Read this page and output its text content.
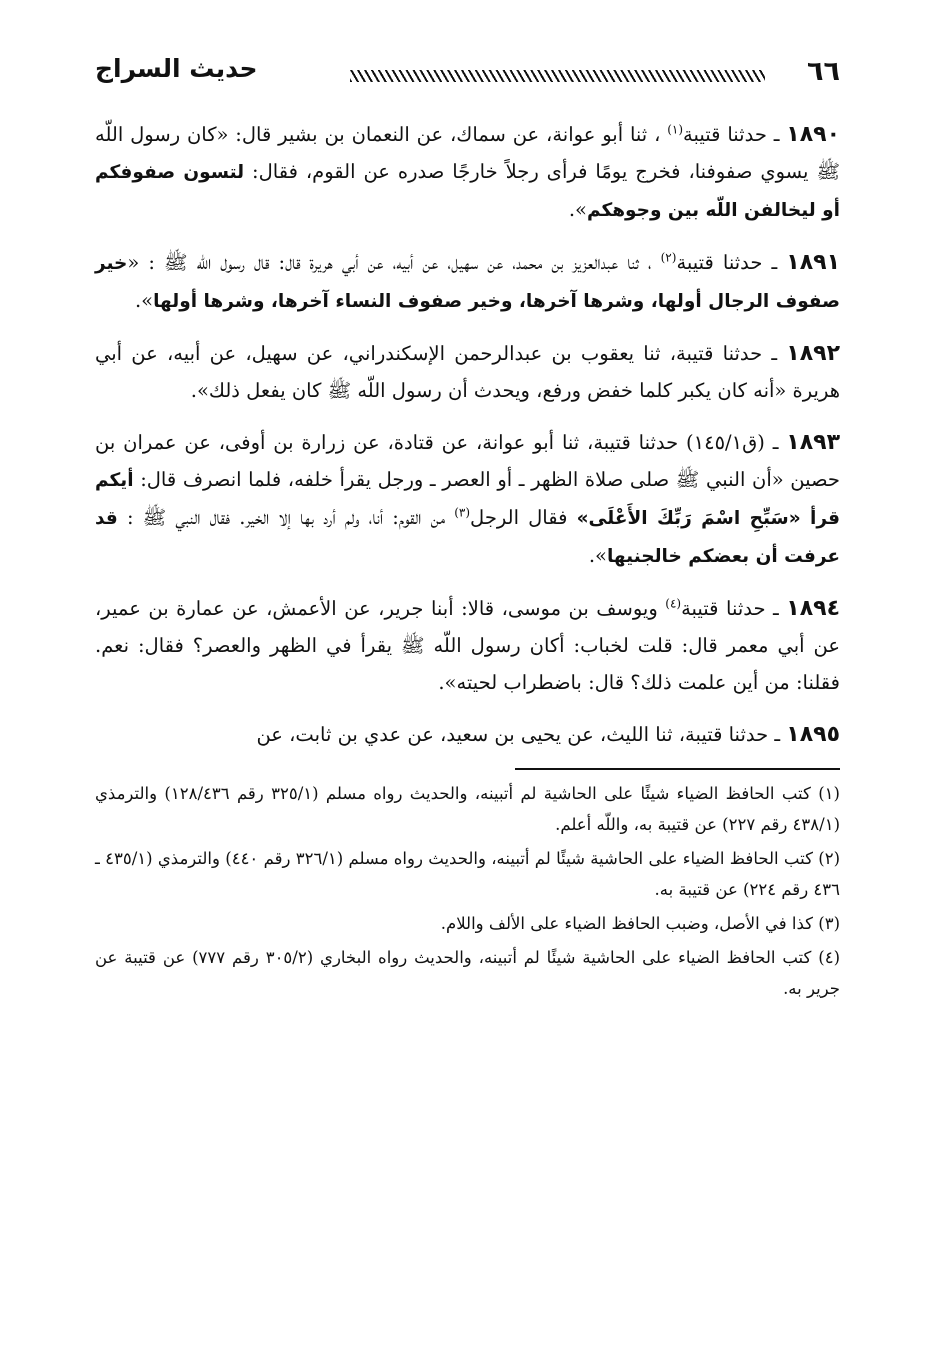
٦٦
حديث السراج

١٨٩٠ ـ حدثنا قتيبة$^{(١)}$ ، ثنا أبو عوانة، عن سماك، عن النعمان بن بشير قال: «كان رسول اللّه ﷺ يسوي صفوفنا، فخرج يومًا فرأى رجلاً خارجًا صدره عن القوم، فقال: لتسون صفوفكم أو ليخالفن اللّه بين وجوهكم».

١٨٩١ ـ حدثنا قتيبة$^{(٢)}$ ، ثنا عبدالعزيز بن محمد، عن سهيل، عن أبيه، عن أبي هريرة قال: قال رسول اللّه ﷺ : «خير صفوف الرجال أولها، وشرها آخرها، وخير صفوف النساء آخرها، وشرها أولها».

١٨٩٢ ـ حدثنا قتيبة، ثنا يعقوب بن عبدالرحمن الإسكندراني، عن سهيل، عن أبيه، عن أبي هريرة «أنه كان يكبر كلما خفض ورفع، ويحدث أن رسول اللّه ﷺ كان يفعل ذلك».

١٨٩٣ ـ (ق١٤٥/١) حدثنا قتيبة، ثنا أبو عوانة، عن قتادة، عن زرارة بن أوفى، عن عمران بن حصين «أن النبي ﷺ صلى صلاة الظهر ـ أو العصر ـ ورجل يقرأ خلفه، فلما انصرف قال: أيكم قرأ «سَبِّحِ اسْمَ رَبِّكَ الأَعْلَى» فقال الرجل$^{(٣)}$ من القوم: أنا، ولم أرد بها إلا الخير. فقال النبي ﷺ : قد عرفت أن بعضكم خالجنيها».

١٨٩٤ ـ حدثنا قتيبة$^{(٤)}$ ويوسف بن موسى، قالا: أبنا جرير، عن الأعمش، عن عمارة بن عمير، عن أبي معمر قال: قلت لخباب: أكان رسول اللّه ﷺ يقرأ في الظهر والعصر؟ فقال: نعم. فقلنا: من أين علمت ذلك؟ قال: باضطراب لحيته».

١٨٩٥ ـ حدثنا قتيبة، ثنا الليث، عن يحيى بن سعيد، عن عدي بن ثابت، عن

(١) كتب الحافظ الضياء شيئًا على الحاشية لم أتبينه، والحديث رواه مسلم (٣٢٥/١ رقم ١٢٨/٤٣٦) والترمذي (٤٣٨/١ رقم ٢٢٧) عن قتيبة به، واللّه أعلم.

(٢) كتب الحافظ الضياء على الحاشية شيئًا لم أتبينه، والحديث رواه مسلم (٣٢٦/١ رقم ٤٤٠) والترمذي (٤٣٥/١ ـ ٤٣٦ رقم ٢٢٤) عن قتيبة به.

(٣) كذا في الأصل، وضبب الحافظ الضياء على الألف واللام.

(٤) كتب الحافظ الضياء على الحاشية شيئًا لم أتبينه، والحديث رواه البخاري (٣٠٥/٢ رقم ٧٧٧) عن قتيبة عن جرير به.
